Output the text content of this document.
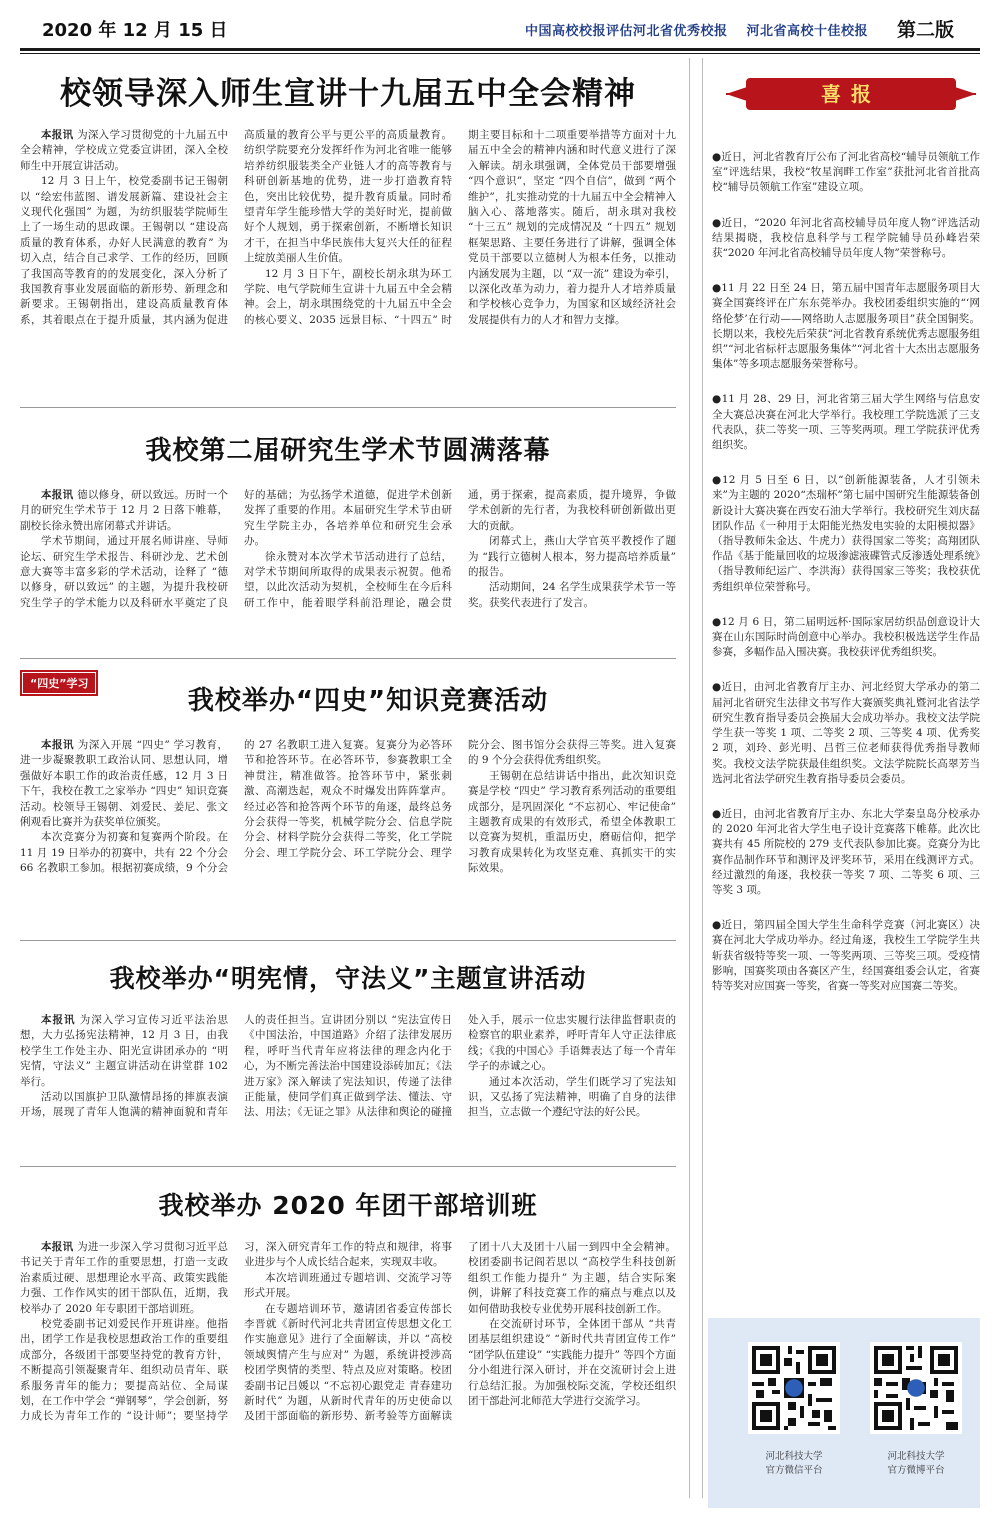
2020 年 12 月 15 日	中国高校校报评估河北省优秀校报 河北省高校十佳校报 第二版
校领导深入师生宣讲十九届五中全会精神

本报讯 为深入学习贯彻党的十九届五中全会精神，学校成立党委宣讲团，深入全校师生中开展宣讲活动。

12 月 3 日上午，校党委副书记王锡朝以 “绘宏伟蓝图、谱发展新篇、建设社会主义现代化强国” 为题，为纺织服装学院师生上了一场生动的思政课。王锡朝以 “建设高质量的教育体系，办好人民满意的教育” 为切入点，结合自己求学、工作的经历，回顾了我国高等教育的的发展变化，深入分析了我国教育事业发展面临的新形势、新理念和新要求。王锡朝指出，建设高质量教育体系，其着眼点在于提升质量，其内涵为促进高质量的教育公平与更公平的高质量教育。纺织学院要充分发挥纤作为河北省唯一能够培养纺织服装类全产业链人才的高等教育与科研创新基地的优势，进一步打造教育特色，突出比较优势，提升教育质量。同时希望青年学生能珍惜大学的美好时光，提前做好个人规划，勇于探索创新，不断增长知识才干，在担当中华民族伟大复兴大任的征程上绽放美丽人生价值。

12 月 3 日下午，副校长胡永琪为环工学院、电气学院师生宣讲十九届五中全会精神。会上，胡永琪围绕党的十九届五中全会的核心要义、2035 远景目标、“十四五” 时期主要目标和十二项重要举措等方面对十九届五中全会的精神内涵和时代意义进行了深入解读。胡永琪强调，全体党员干部要增强 “四个意识”，坚定 “四个自信”，做到 “两个维护”，扎实推动党的十九届五中全会精神入脑入心、落地落实。随后，胡永琪对我校 “十三五” 规划的完成情况及 “十四五” 规划框架思路、主要任务进行了讲解，强调全体党员干部要以立德树人为根本任务，以推动内涵发展为主题，以 “双一流” 建设为牵引，以深化改革为动力，着力提升人才培养质量和学校核心竞争力，为国家和区域经济社会发展提供有力的人才和智力支撑。

我校第二届研究生学术节圆满落幕

本报讯 德以修身，研以致远。历时一个月的研究生学术节于 12 月 2 日落下帷幕，副校长徐永赞出席闭幕式并讲话。

学术节期间，通过开展名师讲座、导师论坛、研究生学术报告、科研沙龙、艺术创意大赛等丰富多彩的学术活动，诠释了 “德以修身，研以致远” 的主题，为提升我校研究生学子的学术能力以及科研水平奠定了良好的基础；为弘扬学术道德，促进学术创新发挥了重要的作用。本届研究生学术节由研究生学院主办，各培养单位和研究生会承办。

徐永赞对本次学术节活动进行了总结，对学术节期间所取得的成果表示祝贺。他希望，以此次活动为契机，全校师生在今后科研工作中，能着眼学科前沿理论，融会贯通，勇于探索，提高素质，提升境界，争做学术创新的先行者，为我校科研创新做出更大的贡献。

闭幕式上，燕山大学官英平教授作了题为 “践行立德树人根本，努力提高培养质量” 的报告。

活动期间，24 名学生成果获学术节一等奖。获奖代表进行了发言。

“四史”学习
我校举办“四史”知识竞赛活动

本报讯 为深入开展 “四史” 学习教育，进一步凝聚教职工政治认同、思想认同，增强做好本职工作的政治责任感，12 月 3 日下午，我校在教工之家举办 “四史” 知识竞赛活动。校领导王锡朝、刘爱民、姜尼、张文俐观看比赛并为获奖单位颁奖。

本次竞赛分为初赛和复赛两个阶段。在 11 月 19 日举办的初赛中，共有 22 个分会 66 名教职工参加。根据初赛成绩，9 个分会的 27 名教职工进入复赛。复赛分为必答环节和抢答环节。在必答环节，参赛教职工全神贯注，精准做答。抢答环节中，紧张刺激、高潮迭起，观众不时爆发出阵阵掌声。经过必答和抢答两个环节的角逐，最终总务分会获得一等奖，机械学院分会、信息学院分会、材料学院分会获得二等奖，化工学院分会、理工学院分会、环工学院分会、理学院分会、图书馆分会获得三等奖。进入复赛的 9 个分会获得优秀组织奖。

王锡朝在总结讲话中指出，此次知识竞赛是学校 “四史” 学习教育系列活动的重要组成部分，是巩固深化 “不忘初心、牢记使命” 主题教育成果的有效形式，希望全体教职工以竞赛为契机，重温历史，磨砺信仰，把学习教育成果转化为攻坚克难、真抓实干的实际效果。

我校举办“明宪情，守法义”主题宣讲活动

本报讯 为深入学习宣传习近平法治思想，大力弘扬宪法精神，12 月 3 日，由我校学生工作处主办、阳光宣讲团承办的 “明宪情，守法义” 主题宣讲活动在讲堂群 102 举行。

活动以国旗护卫队激情昂扬的摔旗表演开场，展现了青年人饱满的精神面貌和青年人的责任担当。宣讲团分别以 “宪法宣传日《中国法治，中国道路》介绍了法律发展历程，呼吁当代青年应将法律的理念内化于心，为不断完善法治中国建设添砖加瓦；《法进万家》深入解读了宪法知识，传递了法律正能量，使同学们真正做到学法、懂法、守法、用法；《无证之罪》从法律和舆论的碰撞处入手，展示一位忠实履行法律监督职责的检察官的职业素养，呼吁青年人守正法律底线；《我的中国心》手语舞表达了每一个青年学子的赤诚之心。

通过本次活动，学生们既学习了宪法知识，又弘扬了宪法精神，明确了自身的法律担当，立志做一个遵纪守法的好公民。

我校举办 2020 年团干部培训班

本报讯 为进一步深入学习贯彻习近平总书记关于青年工作的重要思想，打造一支政治素质过硬、思想理论水平高、政策实践能力强、工作作风实的团干部队伍，近期，我校举办了 2020 年专职团干部培训班。

校党委副书记刘爱民作开班讲座。他指出，团学工作是我校思想政治工作的重要组成部分，各级团干部要坚持党的教育方针，不断提高引领凝聚青年、组织动员青年、联系服务青年的能力；要提高站位、全局谋划，在工作中学会 “弹钢琴”，学会创新，努力成长为青年工作的 “设计师”；要坚持学习，深入研究青年工作的特点和规律，将事业进步与个人成长结合起来，实现双丰收。

本次培训班通过专题培训、交流学习等形式开展。

在专题培训环节，邀请团省委宣传部长李晋就《新时代河北共青团宣传思想文化工作实施意见》进行了全面解读，并以 “高校领域舆情产生与应对” 为题，系统讲授涉高校团学舆情的类型、特点及应对策略。校团委副书记吕媛以 “不忘初心跟党走 青春建功新时代” 为题，从新时代青年的历史使命以及团干部面临的新形势、新考验等方面解读了团十八大及团十八届一到四中全会精神。校团委副书记阎若思以 “高校学生科技创新组织工作能力提升” 为主题，结合实际案例，讲解了科技竞赛工作的痛点与难点以及如何借助我校专业优势开展科技创新工作。

在交流研讨环节，全体团干部从 “共青团基层组织建设” “新时代共青团宣传工作” “团学队伍建设” “实践能力提升” 等四个方面分小组进行深入研讨，并在交流研讨会上进行总结汇报。为加强校际交流，学校还组织团干部赴河北师范大学进行交流学习。

喜报

●近日，河北省教育厅公布了河北省高校“辅导员领航工作室”评选结果，我校“牧星润畔工作室”获批河北省首批高校“辅导员领航工作室”建设立项。

●近日，“2020 年河北省高校辅导员年度人物”评选活动结果揭晓，我校信息科学与工程学院辅导员孙峰岩荣获“2020 年河北省高校辅导员年度人物”荣誉称号。

●11 月 22 日至 24 日，第五届中国青年志愿服务项目大赛全国赛终评在广东东莞举办。我校团委组织实施的“‘网络伦梦’在行动——网络助人志愿服务项目”获全国铜奖。长期以来，我校先后荣获“河北省教育系统优秀志愿服务组织”“河北省标杆志愿服务集体”“河北省十大杰出志愿服务集体”等多项志愿服务荣誉称号。

●11 月 28、29 日，河北省第三届大学生网络与信息安全大赛总决赛在河北大学举行。我校理工学院选派了三支代表队，获二等奖一项、三等奖两项。理工学院获评优秀组织奖。

●12 月 5 日至 6 日，以“创新能源装备，人才引领未来”为主题的 2020“杰瑞杯”第七届中国研究生能源装备创新设计大赛决赛在西安石油大学举行。我校研究生刘庆磊团队作品《一种用于太阳能光热发电实验的太阳模拟器》（指导教师朱金达、牛虎力）获得国家二等奖；高翔团队作品《基于能量回收的垃圾渗滤液碟管式反渗透处理系统》（指导教师纪运广、李洪海）获得国家三等奖；我校获优秀组织单位荣誉称号。

●12 月 6 日，第二届明远杯·国际家居纺织品创意设计大赛在山东国际时尚创意中心举办。我校积极选送学生作品参赛，多幅作品入围决赛。我校获评优秀组织奖。

●近日，由河北省教育厅主办、河北经贸大学承办的第二届河北省研究生法律文书写作大赛颁奖典礼暨河北省法学研究生教育指导委员会换届大会成功举办。我校文法学院学生获一等奖 1 项、二等奖 2 项、三等奖 4 项、优秀奖 2 项，刘玲、彭光明、吕哲三位老师获得优秀指导教师奖。我校文法学院获最佳组织奖。文法学院院长高翠芳当选河北省法学研究生教育指导委员会委员。

●近日，由河北省教育厅主办、东北大学秦皇岛分校承办的 2020 年河北省大学生电子设计竞赛落下帷幕。此次比赛共有 45 所院校的 279 支代表队参加比赛。竞赛分为比赛作品制作环节和测评及评奖环节，采用在线测评方式。经过激烈的角逐，我校获一等奖 7 项、二等奖 6 项、三等奖 3 项。

●近日，第四届全国大学生生命科学竞赛（河北赛区）决赛在河北大学成功举办。经过角逐，我校生工学院学生共斩获省级特等奖一项、一等奖两项、三等奖三项。受疫情影响，国赛奖项由各赛区产生，经国赛组委会认定，省赛特等奖对应国赛一等奖，省赛一等奖对应国赛二等奖。

河北科技大学
官方微信平台
河北科技大学
官方微博平台
